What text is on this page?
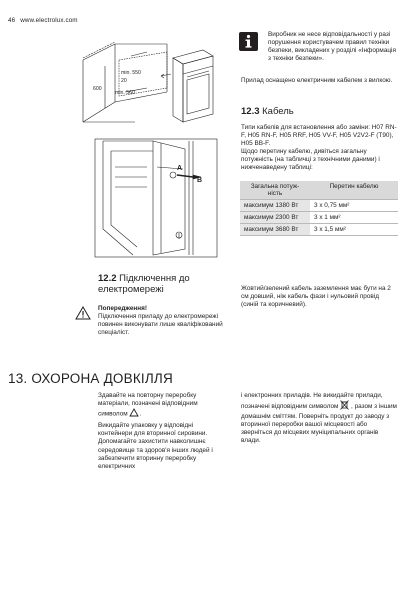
46 www.electrolux.com
min. 550
20
600
min. 560
A
B
Виробник не несе відповідальності у разі порушення користувачем правил техніки безпеки, викладених у розділі «Інформація з техніки безпеки».
Прилад оснащено електричним кабелем з вилкою.
12.3 Кабель
Типи кабелів для встановлення або заміни: H07 RN-F, H05 RN-F, H05 RRF, H05 VV-F, H05 V2V2-F (T90), H05 BB-F.
Щодо перетину кабелю, дивіться загальну потужність (на табличці з технічними даними) і нижченаведену таблиці:
Загальна потуж-ність	Перетин кабелю
максимум 1380 Вт	3 x 0,75 мм²
максимум 2300 Вт	3 x 1 мм²
максимум 3680 Вт	3 x 1,5 мм²
Жовтий/зелений кабель заземлення має бути на 2 см довший, ніж кабель фази і нульовий провід (синій та коричневий).
12.2 Підключення до електромережі
Попередження!
Підключення приладу до електромережі повинен виконувати лише кваліфікований спеціаліст.
13. ОХОРОНА ДОВКІЛЛЯ
Здавайте на повторну переробку матеріали, позначені відповідним символом .
Викидайте упаковку у відповідні контейнери для вторинної сировини.
Допомагайте захистити навколишнє середовище та здоров'я інших людей і забезпечити вторинну переробку електричних
і електронних приладів. Не викидайте прилади, позначені відповідним символом , разом з іншим домашнім сміттям. Поверніть продукт до заводу з вторинної переробки вашої місцевості або зверніться до місцевих муніципальних органів влади.
